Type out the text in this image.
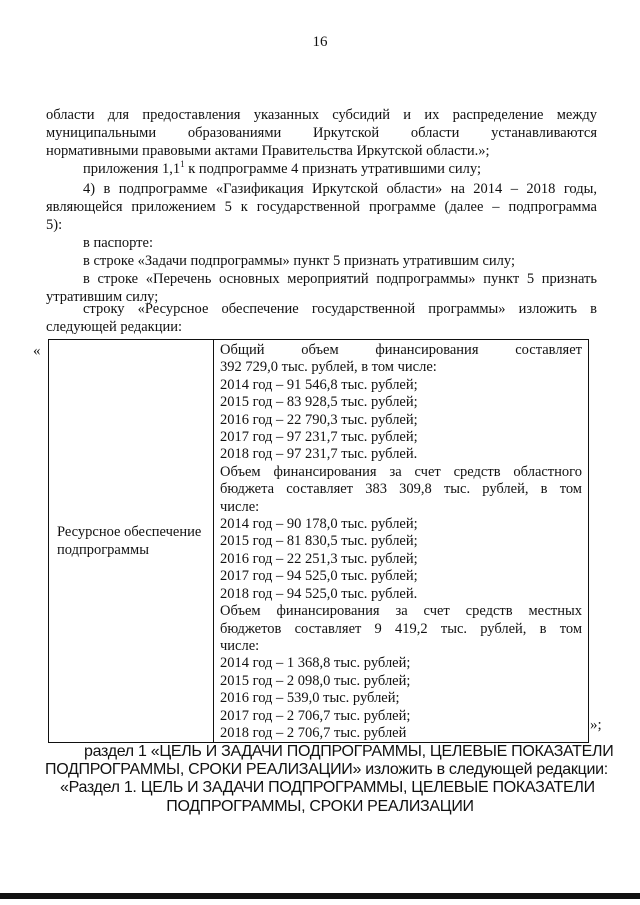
16
области для предоставления указанных субсидий и их распределение между
муниципальными образованиями Иркутской области устанавливаются
нормативными правовыми актами Правительства Иркутской области.»;
приложения $1,1^1$ к подпрограмме 4 признать утратившими силу;
4) в подпрограмме «Газификация Иркутской области» на 2014 – 2018 годы,
являющейся приложением 5 к государственной программе (далее – подпрограмма
5):
в паспорте:
в строке «Задачи подпрограммы» пункт 5 признать утратившим силу;
в строке «Перечень основных мероприятий подпрограммы» пункт 5 признать
утратившим силу;
строку «Ресурсное обеспечение государственной программы» изложить в
следующей редакции:
«
Ресурсное обеспечение
подпрограммы

Общий объем финансирования составляет
392 729,0 тыс. рублей, в том числе:
2014 год – 91 546,8 тыс. рублей;
2015 год – 83 928,5 тыс. рублей;
2016 год – 22 790,3 тыс. рублей;
2017 год – 97 231,7 тыс. рублей;
2018 год – 97 231,7 тыс. рублей.
Объем финансирования за счет средств областного
бюджета составляет 383 309,8 тыс. рублей, в том
числе:
2014 год – 90 178,0 тыс. рублей;
2015 год – 81 830,5 тыс. рублей;
2016 год – 22 251,3 тыс. рублей;
2017 год – 94 525,0 тыс. рублей;
2018 год – 94 525,0 тыс. рублей.
Объем финансирования за счет средств местных
бюджетов составляет 9 419,2 тыс. рублей, в том
числе:
2014 год – 1 368,8 тыс. рублей;
2015 год – 2 098,0 тыс. рублей;
2016 год – 539,0 тыс. рублей;
2017 год – 2 706,7 тыс. рублей;
2018 год – 2 706,7 тыс. рублей	»;
раздел 1 «ЦЕЛЬ И ЗАДАЧИ ПОДПРОГРАММЫ, ЦЕЛЕВЫЕ ПОКАЗАТЕЛИ
ПОДПРОГРАММЫ, СРОКИ РЕАЛИЗАЦИИ» изложить в следующей редакции:
«Раздел 1. ЦЕЛЬ И ЗАДАЧИ ПОДПРОГРАММЫ, ЦЕЛЕВЫЕ ПОКАЗАТЕЛИ
ПОДПРОГРАММЫ, СРОКИ РЕАЛИЗАЦИИ
